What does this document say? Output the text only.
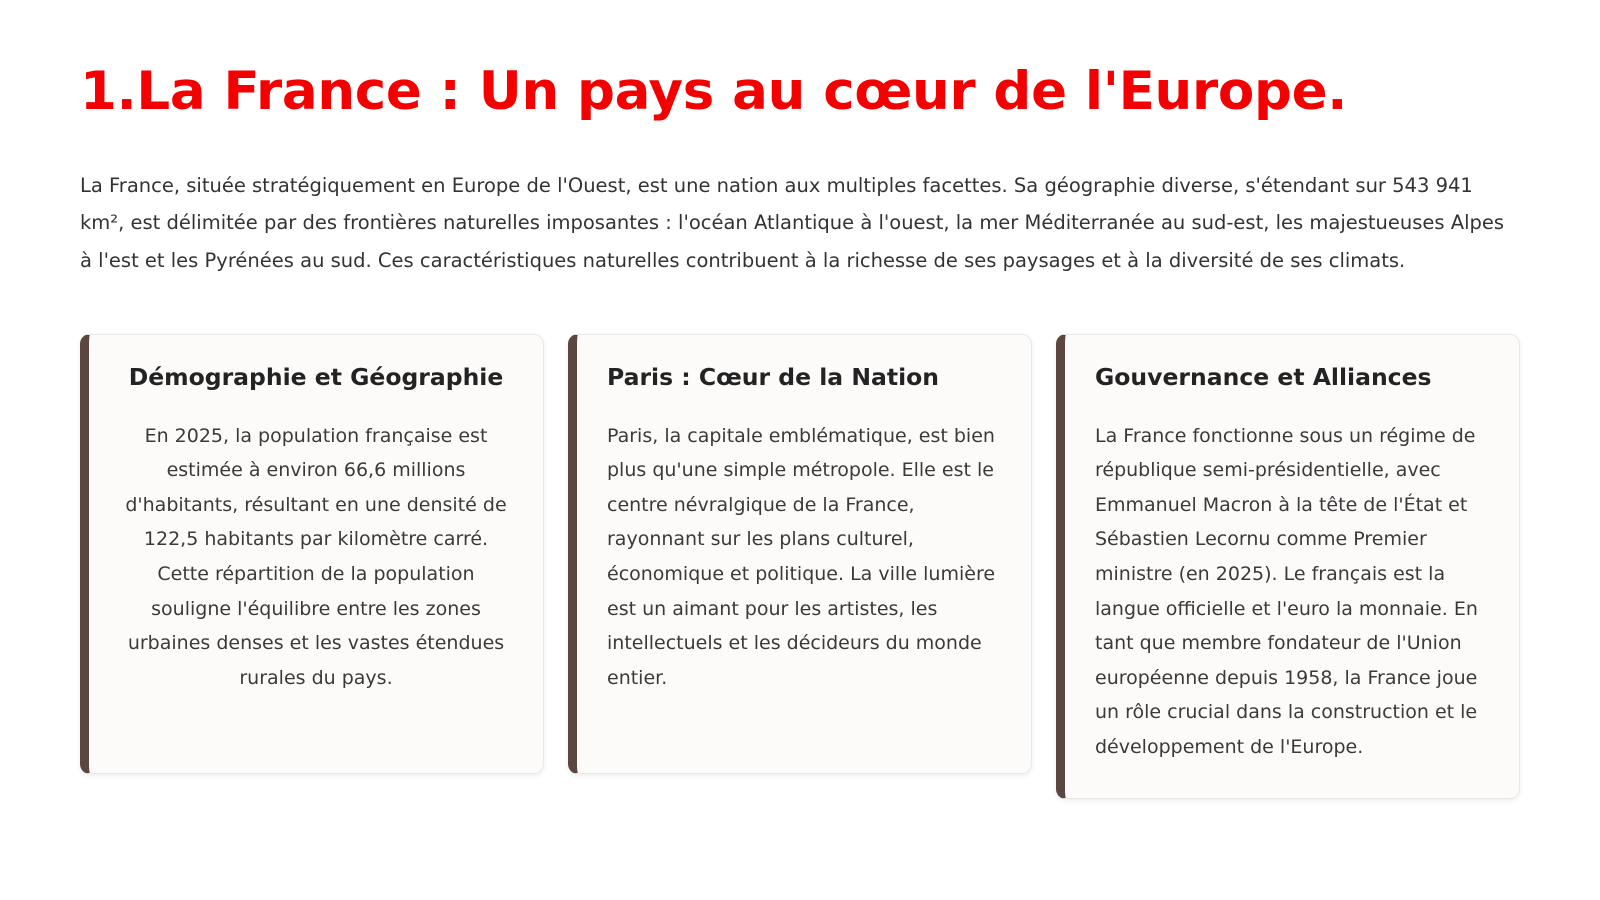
1.La France : Un pays au cœur de l'Europe.

La France, située stratégiquement en Europe de l'Ouest, est une nation aux multiples facettes. Sa géographie diverse, s'étendant sur 543 941 km², est délimitée par des frontières naturelles imposantes : l'océan Atlantique à l'ouest, la mer Méditerranée au sud-est, les majestueuses Alpes à l'est et les Pyrénées au sud. Ces caractéristiques naturelles contribuent à la richesse de ses paysages et à la diversité de ses climats.

Démographie et Géographie

En 2025, la population française est estimée à environ 66,6 millions d'habitants, résultant en une densité de 122,5 habitants par kilomètre carré. Cette répartition de la population souligne l'équilibre entre les zones urbaines denses et les vastes étendues rurales du pays.

Paris : Cœur de la Nation

Paris, la capitale emblématique, est bien plus qu'une simple métropole. Elle est le centre névralgique de la France, rayonnant sur les plans culturel, économique et politique. La ville lumière est un aimant pour les artistes, les intellectuels et les décideurs du monde entier.

Gouvernance et Alliances

La France fonctionne sous un régime de république semi-présidentielle, avec Emmanuel Macron à la tête de l'État et Sébastien Lecornu comme Premier ministre (en 2025). Le français est la langue officielle et l'euro la monnaie. En tant que membre fondateur de l'Union européenne depuis 1958, la France joue un rôle crucial dans la construction et le développement de l'Europe.
